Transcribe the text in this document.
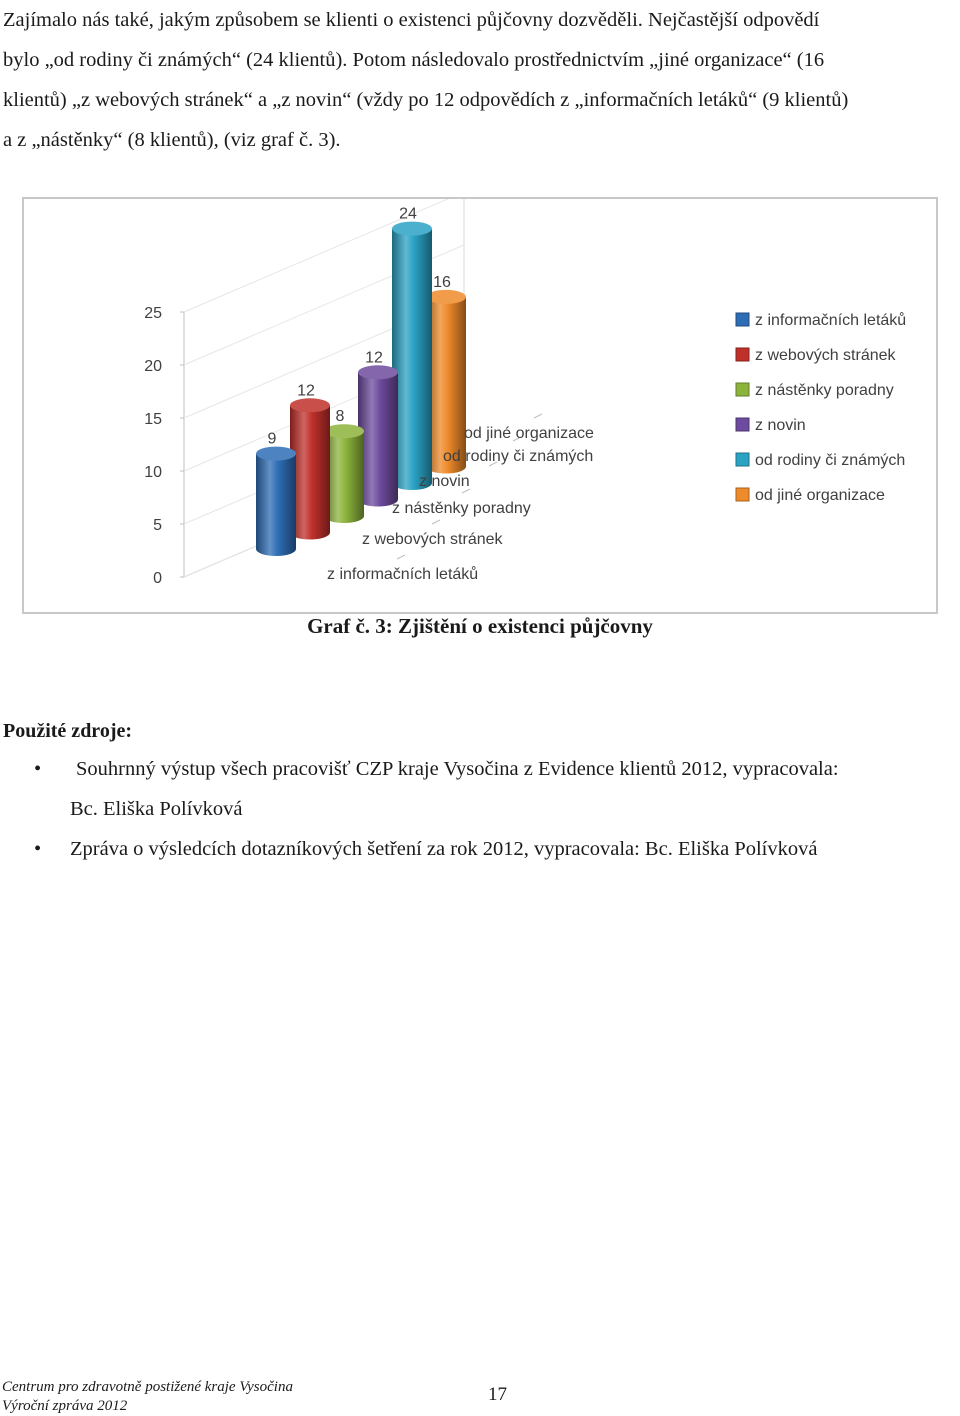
Zajímalo nás také, jakým způsobem se klienti o existenci půjčovny dozvěděli. Nejčastější odpovědí
bylo „od rodiny či známých“ (24 klientů). Potom následovalo prostřednictvím „jiné organizace“ (16
klientů) „z webových stránek“ a „z novin“ (vždy po 12 odpovědích z „informačních letáků“ (9 klientů)
a z „nástěnky“ (8 klientů), (viz graf č. 3).
0
5
10
15
20
25
16
24
12
8
12
9
z informačních letáků
z webových stránek
z nástěnky poradny
z novin
od rodiny či známých
od jiné organizace
z informačních letáků
z webových stránek
z nástěnky poradny
z novin
od rodiny či známých
od jiné organizace
Graf č. 3: Zjištění o existenci půjčovny
Použité zdroje:
• Souhrnný výstup všech pracovišť CZP kraje Vysočina z Evidence klientů 2012, vypracovala:
Bc. Eliška Polívková
• Zpráva o výsledcích dotazníkových šetření za rok 2012, vypracovala: Bc. Eliška Polívková
Centrum pro zdravotně postižené kraje Vysočina
Výroční zpráva 2012
17
